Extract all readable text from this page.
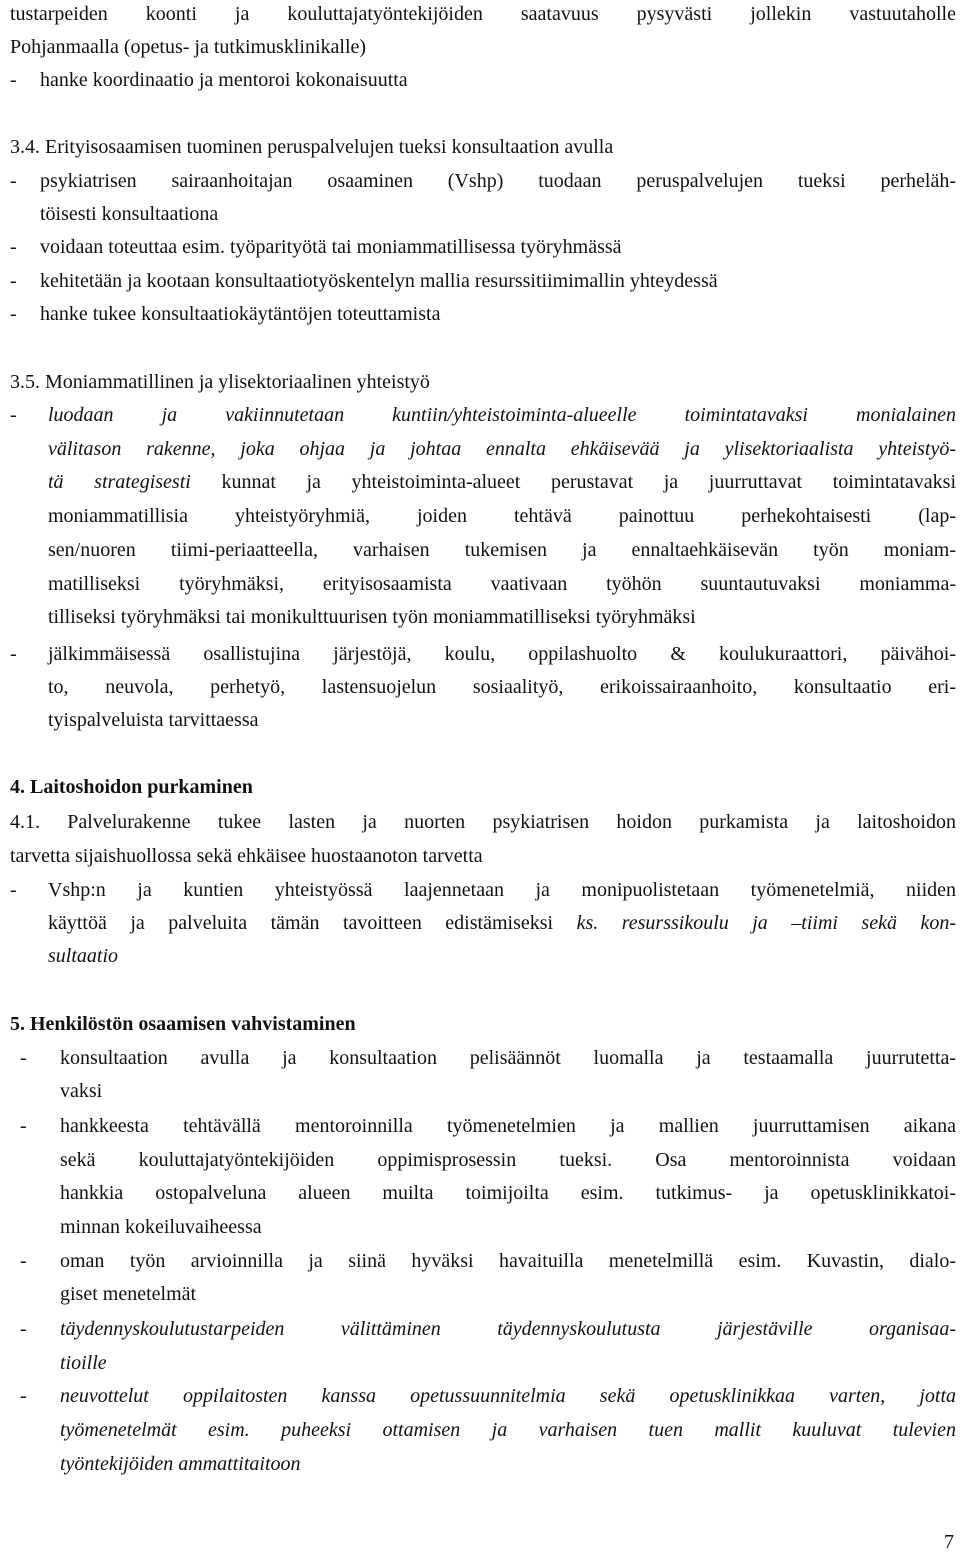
tustarpeiden koonti ja kouluttajatyöntekijöiden saatavuus pysyvästi jollekin vastuutaholle
Pohjanmaalla (opetus- ja tutkimusklinikalle)
- hanke koordinaatio ja mentoroi kokonaisuutta
3.4. Erityisosaamisen tuominen peruspalvelujen tueksi konsultaation avulla
- psykiatrisen sairaanhoitajan osaaminen (Vshp) tuodaan peruspalvelujen tueksi perheläh-
töisesti konsultaationa
- voidaan toteuttaa esim. työparityötä tai moniammatillisessa työryhmässä
- kehitetään ja kootaan konsultaatiotyöskentelyn mallia resurssitiimimallin yhteydessä
- hanke tukee konsultaatiokäytäntöjen toteuttamista
3.5. Moniammatillinen ja ylisektoriaalinen yhteistyö
- luodaan ja vakiinnutetaan kuntiin/yhteistoiminta-alueelle toimintatavaksi monialainen
välitason rakenne, joka ohjaa ja johtaa ennalta ehkäisevää ja ylisektoriaalista yhteistyö-
tä strategisesti kunnat ja yhteistoiminta-alueet perustavat ja juurruttavat toimintatavaksi
moniammatillisia yhteistyöryhmiä, joiden tehtävä painottuu perhekohtaisesti (lap-
sen/nuoren tiimi-periaatteella, varhaisen tukemisen ja ennaltaehkäisevän työn moniam-
matilliseksi työryhmäksi, erityisosaamista vaativaan työhön suuntautuvaksi moniamma-
tilliseksi työryhmäksi tai monikulttuurisen työn moniammatilliseksi työryhmäksi
- jälkimmäisessä osallistujina järjestöjä, koulu, oppilashuolto & koulukuraattori, päivähoi-
to, neuvola, perhetyö, lastensuojelun sosiaalityö, erikoissairaanhoito, konsultaatio eri-
tyispalveluista tarvittaessa
4. Laitoshoidon purkaminen
4.1. Palvelurakenne tukee lasten ja nuorten psykiatrisen hoidon purkamista ja laitoshoidon
tarvetta sijaishuollossa sekä ehkäisee huostaanoton tarvetta
- Vshp:n ja kuntien yhteistyössä laajennetaan ja monipuolistetaan työmenetelmiä, niiden
käyttöä ja palveluita tämän tavoitteen edistämiseksi ks. resurssikoulu ja –tiimi sekä kon-
sultaatio
5. Henkilöstön osaamisen vahvistaminen
- konsultaation avulla ja konsultaation pelisäännöt luomalla ja testaamalla juurrutetta-
vaksi
- hankkeesta tehtävällä mentoroinnilla työmenetelmien ja mallien juurruttamisen aikana
sekä kouluttajatyöntekijöiden oppimisprosessin tueksi. Osa mentoroinnista voidaan
hankkia ostopalveluna alueen muilta toimijoilta esim. tutkimus- ja opetusklinikkatoi-
minnan kokeiluvaiheessa
- oman työn arvioinnilla ja siinä hyväksi havaituilla menetelmillä esim. Kuvastin, dialo-
giset menetelmät
- täydennyskoulutustarpeiden välittäminen täydennyskoulutusta järjestäville organisaa-
tioille
- neuvottelut oppilaitosten kanssa opetussuunnitelmia sekä opetusklinikkaa varten, jotta
työmenetelmät esim. puheeksi ottamisen ja varhaisen tuen mallit kuuluvat tulevien
työntekijöiden ammattitaitoon
7
